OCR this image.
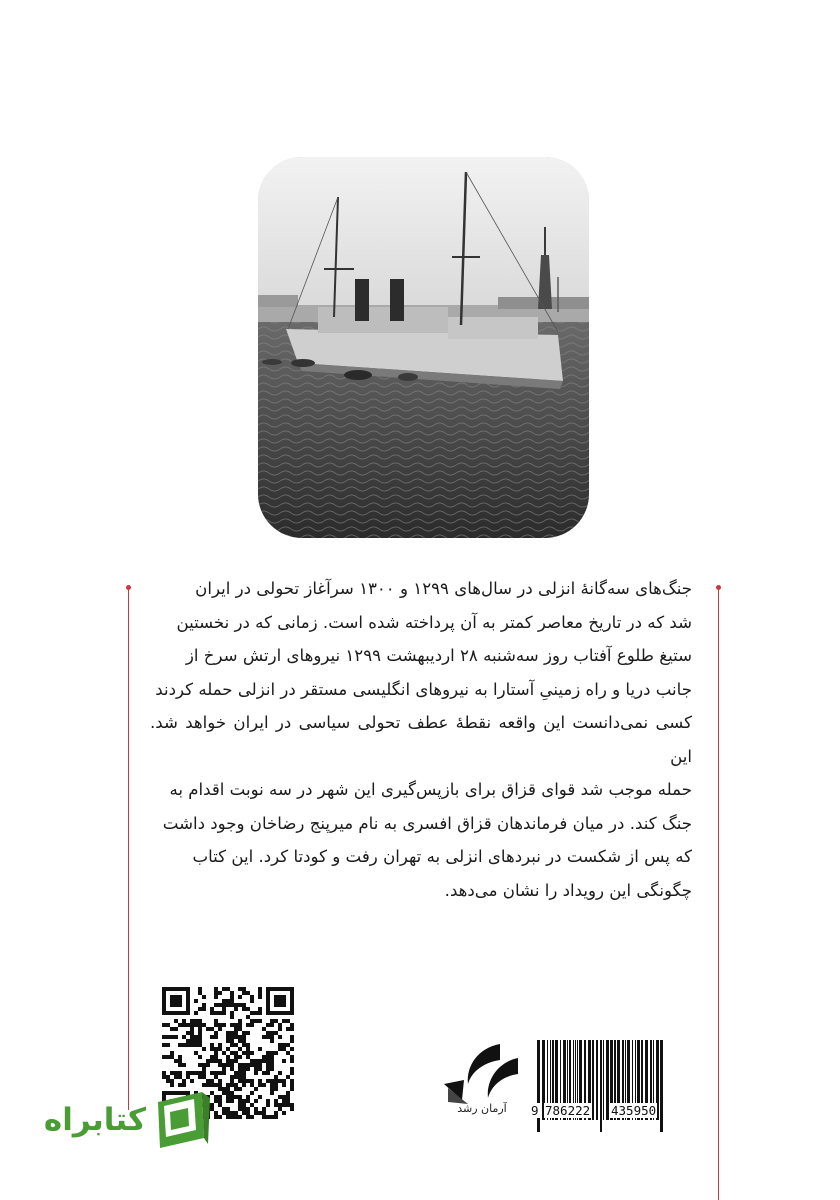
جنگ‌های سه‌گانهٔ انزلی در سال‌های ۱۲۹۹ و ۱۳۰۰ سرآغاز تحولی در ایران

شد که در تاریخ معاصر کمتر به آن پرداخته شده است. زمانی که در نخستین

ستیغ طلوع آفتاب روز سه‌شنبه ۲۸ اردیبهشت ۱۲۹۹ نیروهای ارتش سرخ از

جانب دریا و راه زمینیِ آستارا به نیروهای انگلیسی مستقر در انزلی حمله کردند

کسی نمی‌دانست این واقعه نقطهٔ عطف تحولی سیاسی در ایران خواهد شد. این

حمله موجب شد قوای قزاق برای بازپس‌گیری این شهر در سه نوبت اقدام به

جنگ کند. در میان فرماندهان قزاق افسری به نام میرپنج رضاخان وجود داشت

که پس از شکست در نبردهای انزلی به تهران رفت و کودتا کرد. این کتاب

چگونگی این رویداد را نشان می‌دهد.

آرمان رشد	9 786222 435950
کتابراه
